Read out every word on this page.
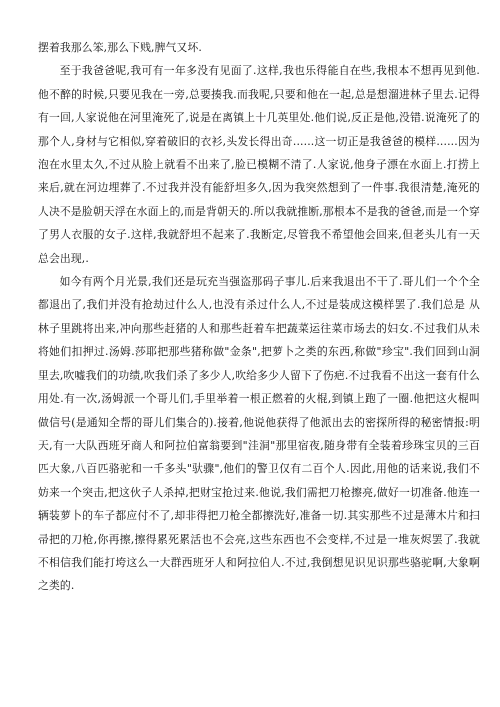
摆着我那么笨,那么下贱,脾气又坏.

至于我爸爸呢,我可有一年多没有见面了.这样,我也乐得能自在些,我根本不想再见到他.他不醉的时候,只要见我在一旁,总要揍我.而我呢,只要和他在一起,总是想溜进林子里去.记得有一回,人家说他在河里淹死了,说是在离镇上十几英里处.他们说,反正是他,没错.说淹死了的那个人,身材与它相似,穿着破旧的衣衫,头发长得出奇......这一切正是我爸爸的模样......因为泡在水里太久,不过从脸上就看不出来了,脸已模糊不清了.人家说,他身子漂在水面上.打捞上来后,就在河边埋葬了.不过我并没有能舒坦多久,因为我突然想到了一件事.我很清楚,淹死的人决不是脸朝天浮在水面上的,而是背朝天的.所以我就推断,那根本不是我的爸爸,而是一个穿了男人衣服的女子.这样,我就舒坦不起来了.我断定,尽管我不希望他会回来,但老头儿有一天总会出现,.

如今有两个月光景,我们还是玩充当强盗那码子事儿.后来我退出不干了.哥儿们一个个全都退出了,我们并没有抢劫过什么人,也没有杀过什么人,不过是装成这模样罢了.我们总是 从林子里跳将出来,冲向那些赶猪的人和那些赶着车把蔬菜运往菜市场去的妇女.不过我们从未将她们扣押过.汤姆.莎耶把那些猪称做"金条",把萝卜之类的东西,称做"珍宝".我们回到山洞里去,吹嘘我们的功绩,吹我们杀了多少人,吹给多少人留下了伤疤.不过我看不出这一套有什么用处.有一次,汤姆派一个哥儿们,手里举着一根正燃着的火棍,到镇上跑了一圈.他把这火棍叫做信号(是通知全帮的哥儿们集合的).接着,他说他获得了他派出去的密探所得的秘密情报:明天,有一大队西班牙商人和阿拉伯富翁要到"洼洞"那里宿夜,随身带有全装着珍珠宝贝的三百匹大象,八百匹骆驼和一千多头"驮骤",他们的警卫仅有二百个人.因此,用他的话来说,我们不妨来一个突击,把这伙子人杀掉,把财宝抢过来.他说,我们需把刀枪擦亮,做好一切准备.他连一辆装萝卜的车子都应付不了,却非得把刀枪全都擦洗好,准备一切.其实那些不过是薄木片和扫帚把的刀枪,你再擦,擦得累死累活也不会亮,这些东西也不会变样,不过是一堆灰烬罢了.我就不相信我们能打垮这么一大群西班牙人和阿拉伯人.不过,我倒想见识见识那些骆驼啊,大象啊之类的.
